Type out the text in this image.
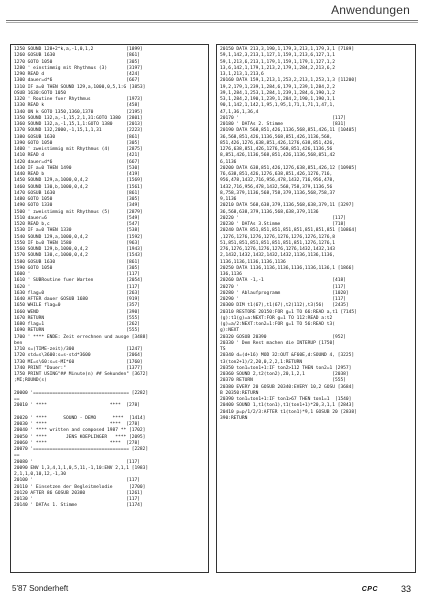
Anwendungen
1250 SOUND 128+2^k,a,-1,0,1,2            [1899]
1260 GOSUB 1630                          [861]
1270 GOTO 1050                           [305]
1280 ' einstimmig mit Rhythmus (3)       [3197]
1290 READ d                              [424]
1300 dauer=d*6                           [667]
1310 IF a=0 THEN SOUND 129,a,1000,0,5,1:G [3853]
OSUB 1630:GOTO 1050
1320 ' Routine fuer Rhythmus             [1973]
1330 READ k                              [458]
1340 ON k GOTO 1350,1360,1370            [2195]
1350 SOUND 132,a,-1,15,2,1,31:GOTO 1380  [2801]
1360 SOUND 132,a,-1,15,1,1:GOTO 1380     [2013]
1370 SOUND 132,2000,-1,15,1,1,31         [2223]
1380 GOSUB 1630                          [861]
1390 GOTO 1050                           [305]
1400 ' zweistimmig mit Rhythmus (4)      [2875]
1410 READ d                              [421]
1420 dauer=d*6                           [667]
1430 IF a=0 THEN 1490                    [530]
1440 READ b                              [419]
1450 SOUND 129,a,1000,0,4,2              [1569]
1460 SOUND 130,b,1000,0,4,2              [1561]
1470 GOSUB 1630                          [861]
1480 GOTO 1050                           [305]
1490 GOTO 1330                           [349]
1500 ' zweistimmig mit Rhythmus (5)      [2879]
1510 dauer=6                             [549]
1520 READ b,c                            [547]
1530 IF a=0 THEN 1330                    [538]
1540 SOUND 129,a,1000,0,4,2              [1592]
1550 IF b=0 THEN 1580                    [963]
1560 SOUND 129,b,1000,0,4,2              [1943]
1570 SOUND 130,c,1000,0,4,2              [1543]
1580 GOSUB 1630                          [861]
1590 GOTO 1050                           [305]
1600 '                                   [117]
1610 ' SUBRoutine fuer Warten            [2054]
1620 '                                   [117]
1630 flag=0                              [263]
1640 AFTER dauer GOSUB 1680              [919]
1650 WHILE flag=0                        [357]
1660 WEND                                [390]
1670 RETURN                              [555]
1680 flag=1                              [262]
1690 RETURN                              [555]
1700 ' **** ENDE: Zeit errechnen und ausge [3488]
ben
1710 s=(TIME-zeit)/300                   [1247]
1720 std=s\3600:s=s-std*3600             [2064]
1730 MI=s\60:s=s-MI*60                   [1760]
1740 PRINT "Dauer:"                      [1377]
1750 PRINT USING"## Minute(n) ## Sekunden" [3672]
;MI;ROUND(s)

20000 '=================================== [2282]
==
20010 ' ****                       ****  [278]

20020 ' ****      SOUND - DEMO      ****  [1414]
20030 ' ****                       ****  [278]
20040 ' **** written and composed 1987 ** [1702]
20050 ' ****       JENS KOEPLINGER   **** [2095]
20060 ' ****                       ****  [278]
20070 '=================================== [2282]
==
20080 '                                  [117]
20090 ENV 1,3,4,1,1,0,5,11,-1,10:ENV 2,1,1 [1983]
2,1,1,0,10,12,-1,30
20100 '                                  [117]
20110 ' Einsetzen der Begleitmelodie      [2700]
20120 AFTER 86 GOSUB 20380               [1261]
20130 '                                  [117]
20140 ' DATAs 1. Stimme                  [1174]

20150 DATA 213,3,190,1,179,3,213,1,179,3,1 [7189]
59,1,142,3,213,1,127,1,159,1,213,6,127,1,1
59,1,213,6,213,1,179,1,159,1,179,1,127,1,2
13,6,142,1,179,1,213,2,179,1,284,2,213,6,2
13,1,213,1,213,6
20160 DATA 159,1,213,1,253,2,213,1,253,1,3 [11200]
19,2,179,1,239,1,284,6,179,1,239,1,284,2,2
39,1,284,1,253,1,284,1,239,1,284,6,190,1,2
53,1,284,2,190,1,239,1,284,2,190,1,190,1,1
90,1,142,1,142,1,95,1,95,1,71,1,71,1,47,1,
47,1,36,1,36,4
20170 '                                  [117]
20180 ' DATAs 2. Stimme                  [831]
20190 DATA 568,851,426,1136,568,851,426,11 [10405]
36,568,851,426,1136,568,851,426,1136,568,
851,426,1276,638,851,426,1276,638,851,426,
1276,638,851,426,1276,568,851,426,1136,56
8,851,426,1136,568,851,426,1136,568,851,42
6,1136
20200 DATA 638,851,426,1276,638,851,426,12 [10905]
76,638,851,426,1276,638,851,426,1276,716,
956,478,1432,716,956,478,1432,716,956,478,
1432,716,956,478,1432,568,758,379,1136,56
8,758,379,1136,568,758,379,1136,568,758,37
9,1136
20210 DATA 568,638,379,1136,568,638,379,11 [3297]
36,568,638,379,1136,568,638,379,1136
20220 '                                  [117]
20230 ' DATAs 3.Stimme                   [718]
20240 DATA 851,851,851,851,851,851,851,851 [10864]
,1276,1276,1276,1276,1276,1276,1276,1276,8
51,851,851,851,851,851,851,851,1276,1276,1
276,1276,1276,1276,1276,1276,1432,1432,143
2,1432,1432,1432,1432,1432,1136,1136,1136,
1136,1136,1136,1136,1136
20250 DATA 1136,1136,1136,1136,1136,1136,1 [1866]
136,1136
20260 DATA -1,-1                         [418]
20270 '                                  [117]
20280 ' Ablaufprogramm                   [1020]
20290 '                                  [117]
20300 DIM t1(67),t1(67),t2(112),t3(56)   [2435]
20310 RESTORE 20150:FOR g=1 TO 66:READ a,t1 [7145]
(g):t1(g)=a:NEXT:FOR g=1 TO 112:READ a:t2
(g)=a/2:NEXT:ton2=1:FOR g=1 TO 56:READ t3(
g):NEXT
20320 GOSUB 20390                        [952]
20330 ' Dem Rest machen die INTERUP [1750]
TS
20340 d=(d+16) MOD 32:OUT &F60E,d:SOUND 4, [3225]
t3(ton2+1)/2,20,0,2,2,1:RETURN
20350 ton1=ton1+1:IF ton2>112 THEN ton2=1 [2957]
20360 SOUND 2,t2(ton2),20,1,2,1          [2038]
20370 RETURN                             [555]
20380 EVERY 20 GOSUB 20340:EVERY 10,2 GOSU [3684]
B 20350:RETURN
20390 ton1=ton1+1:IF ton1>67 THEN ton1=1  [1540]
20400 SOUND 1,t1(ton1),t1(ton1+1)*20,3,1,1 [2843]
20410 p=p/1/2/3:AFTER t1(ton1)*9,1 GOSUB 20 [2838]
390:RETURN

5'87 Sonderheft	CPC	33
